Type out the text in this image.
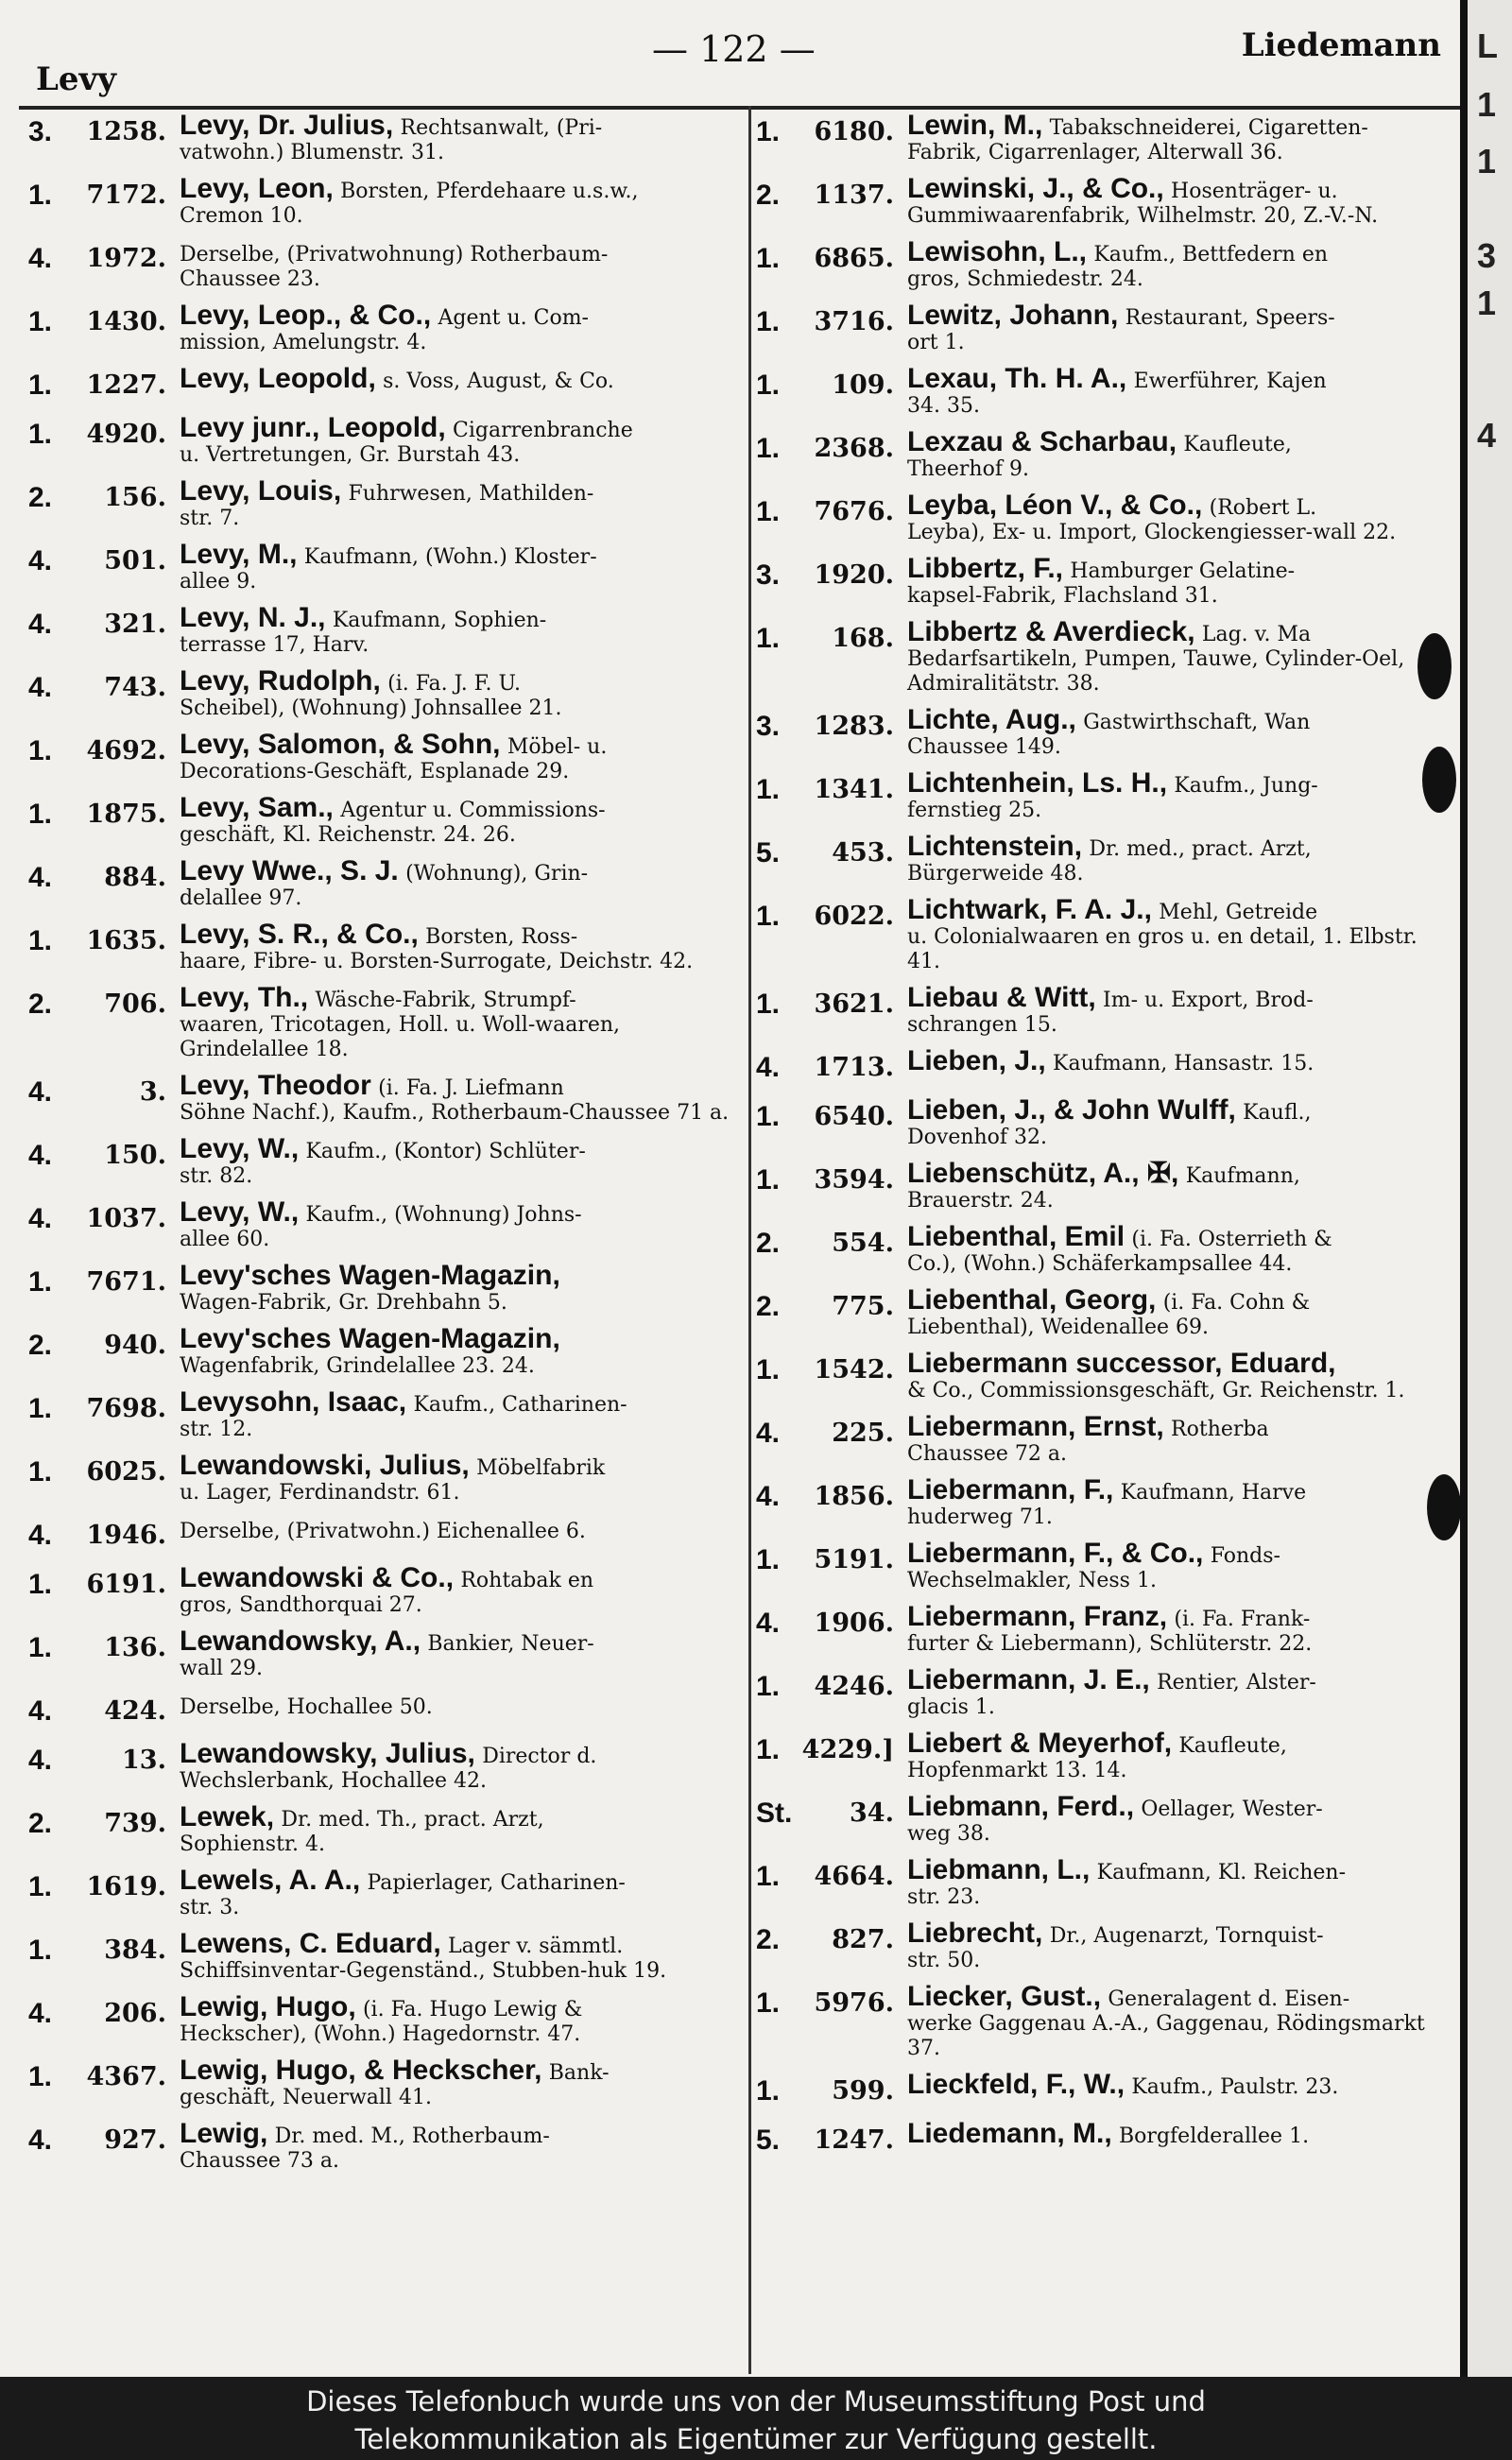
Levy
— 122 —	Liedemann
3.	1258. Levy, Dr. Julius, Rechtsanwalt, (Pri-
vatwohn.) Blumenstr. 31.
1.	7172. Levy, Leon, Borsten, Pferdehaare u.s.w.,
Cremon 10.
4.	1972. Derselbe, (Privatwohnung) Rotherbaum-
Chaussee 23.
1.	1430. Levy, Leop., & Co., Agent u. Com-
mission, Amelungstr. 4.
1.	1227. Levy, Leopold, s. Voss, August, & Co.
1.	4920. Levy junr., Leopold, Cigarrenbranche
u. Vertretungen, Gr. Burstah 43.
2.	156. Levy, Louis, Fuhrwesen, Mathilden-
str. 7.
4.	501. Levy, M., Kaufmann, (Wohn.) Kloster-
allee 9.
4.	321. Levy, N. J., Kaufmann, Sophien-
terrasse 17, Harv.
4.	743. Levy, Rudolph, (i. Fa. J. F. U.
Scheibel), (Wohnung) Johnsallee 21.
1.	4692. Levy, Salomon, & Sohn, Möbel- u.
Decorations-Geschäft, Esplanade 29.
1.	1875. Levy, Sam., Agentur u. Commissions-
geschäft, Kl. Reichenstr. 24. 26.
4.	884. Levy Wwe., S. J. (Wohnung), Grin-
delallee 97.
1.	1635. Levy, S. R., & Co., Borsten, Ross-
haare, Fibre- u. Borsten-Surrogate, Deichstr. 42.
2.	706. Levy, Th., Wäsche-Fabrik, Strumpf-
waaren, Tricotagen, Holl. u. Woll-waaren, Grindelallee 18.
4.	3. Levy, Theodor (i. Fa. J. Liefmann
Söhne Nachf.), Kaufm., Rotherbaum-Chaussee 71 a.
4.	150. Levy, W., Kaufm., (Kontor) Schlüter-
str. 82.
4.	1037. Levy, W., Kaufm., (Wohnung) Johns-
allee 60.
1.	7671. Levy'sches Wagen-Magazin,
Wagen-Fabrik, Gr. Drehbahn 5.
2.	940. Levy'sches Wagen-Magazin,
Wagenfabrik, Grindelallee 23. 24.
1.	7698. Levysohn, Isaac, Kaufm., Catharinen-
str. 12.
1.	6025. Lewandowski, Julius, Möbelfabrik
u. Lager, Ferdinandstr. 61.
4.	1946. Derselbe, (Privatwohn.) Eichenallee 6.
1.	6191. Lewandowski & Co., Rohtabak en
gros, Sandthorquai 27.
1.	136. Lewandowsky, A., Bankier, Neuer-
wall 29.
4.	424. Derselbe, Hochallee 50.
4.	13. Lewandowsky, Julius, Director d.
Wechslerbank, Hochallee 42.
2.	739. Lewek, Dr. med. Th., pract. Arzt,
Sophienstr. 4.
1.	1619. Lewels, A. A., Papierlager, Catharinen-
str. 3.
1.	384. Lewens, C. Eduard, Lager v. sämmtl.
Schiffsinventar-Gegenständ., Stubben-huk 19.
4.	206. Lewig, Hugo, (i. Fa. Hugo Lewig &
Heckscher), (Wohn.) Hagedornstr. 47.
1.	4367. Lewig, Hugo, & Heckscher, Bank-
geschäft, Neuerwall 41.
4.	927. Lewig, Dr. med. M., Rotherbaum-
Chaussee 73 a.
1.	6180. Lewin, M., Tabakschneiderei, Cigaretten-
Fabrik, Cigarrenlager, Alterwall 36.
2.	1137. Lewinski, J., & Co., Hosenträger- u.
Gummiwaarenfabrik, Wilhelmstr. 20, Z.-V.-N.
1.	6865. Lewisohn, L., Kaufm., Bettfedern en
gros, Schmiedestr. 24.
1.	3716. Lewitz, Johann, Restaurant, Speers-
ort 1.
1.	109. Lexau, Th. H. A., Ewerführer, Kajen
34. 35.
1.	2368. Lexzau & Scharbau, Kaufleute,
Theerhof 9.
1.	7676. Leyba, Léon V., & Co., (Robert L.
Leyba), Ex- u. Import, Glockengiesser-wall 22.
3.	1920. Libbertz, F., Hamburger Gelatine-
kapsel-Fabrik, Flachsland 31.
1.	168. Libbertz & Averdieck, Lag. v. Ma
Bedarfsartikeln, Pumpen, Tauwe, Cylinder-Oel, Admiralitätstr. 38.
3.	1283. Lichte, Aug., Gastwirthschaft, Wan
Chaussee 149.
1.	1341. Lichtenhein, Ls. H., Kaufm., Jung-
fernstieg 25.
5.	453. Lichtenstein, Dr. med., pract. Arzt,
Bürgerweide 48.
1.	6022. Lichtwark, F. A. J., Mehl, Getreide
u. Colonialwaaren en gros u. en detail, 1. Elbstr. 41.
1.	3621. Liebau & Witt, Im- u. Export, Brod-
schrangen 15.
4.	1713. Lieben, J., Kaufmann, Hansastr. 15.
1.	6540. Lieben, J., & John Wulff, Kaufl.,
Dovenhof 32.
1.	3594. Liebenschütz, A., ✠, Kaufmann,
Brauerstr. 24.
2.	554. Liebenthal, Emil (i. Fa. Osterrieth &
Co.), (Wohn.) Schäferkampsallee 44.
2.	775. Liebenthal, Georg, (i. Fa. Cohn &
Liebenthal), Weidenallee 69.
1.	1542. Liebermann successor, Eduard,
& Co., Commissionsgeschäft, Gr. Reichenstr. 1.
4.	225. Liebermann, Ernst, Rotherba
Chaussee 72 a.
4.	1856. Liebermann, F., Kaufmann, Harve
huderweg 71.
1.	5191. Liebermann, F., & Co., Fonds-
Wechselmakler, Ness 1.
4.	1906. Liebermann, Franz, (i. Fa. Frank-
furter & Liebermann), Schlüterstr. 22.
1.	4246. Liebermann, J. E., Rentier, Alster-
glacis 1.
1. 4229.] Liebert & Meyerhof, Kaufleute,
Hopfenmarkt 13. 14.
St.	34. Liebmann, Ferd., Oellager, Wester-
weg 38.
1.	4664. Liebmann, L., Kaufmann, Kl. Reichen-
str. 23.
2.	827. Liebrecht, Dr., Augenarzt, Tornquist-
str. 50.
1.	5976. Liecker, Gust., Generalagent d. Eisen-
werke Gaggenau A.-A., Gaggenau, Rödingsmarkt 37.
1.	599. Lieckfeld, F., W., Kaufm., Paulstr. 23.
5.	1247. Liedemann, M., Borgfelderallee 1.
L
1
1
3
1
4
Dieses Telefonbuch wurde uns von der Museumsstiftung Post und
Telekommunikation als Eigentümer zur Verfügung gestellt.
